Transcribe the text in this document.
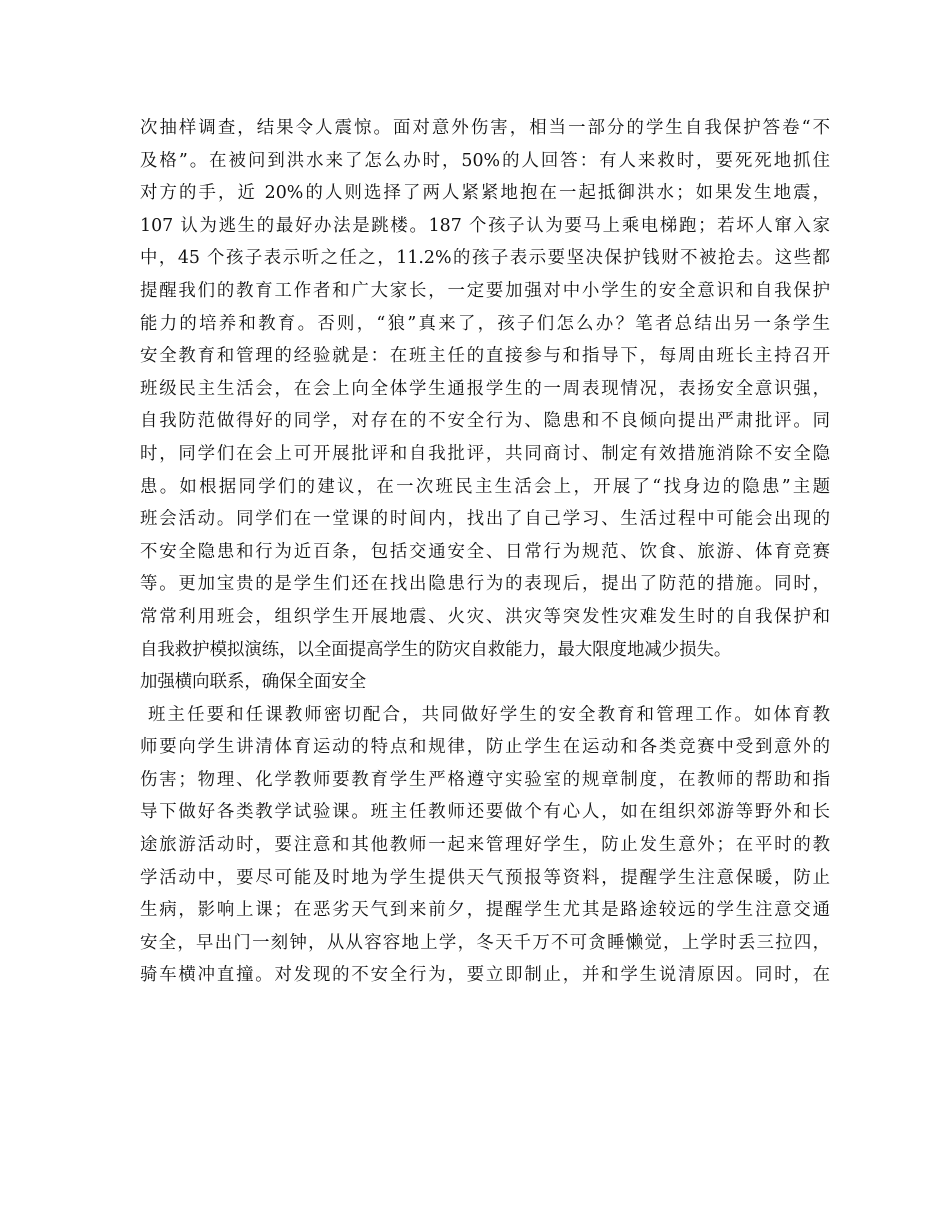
次抽样调查，结果令人震惊。面对意外伤害，相当一部分的学生自我保护答卷“不
及格”。在被问到洪水来了怎么办时，50%的人回答：有人来救时，要死死地抓住
对方的手，近 20%的人则选择了两人紧紧地抱在一起抵御洪水；如果发生地震，
107 认为逃生的最好办法是跳楼。187 个孩子认为要马上乘电梯跑；若坏人窜入家
中，45 个孩子表示听之任之，11.2%的孩子表示要坚决保护钱财不被抢去。这些都
提醒我们的教育工作者和广大家长，一定要加强对中小学生的安全意识和自我保护
能力的培养和教育。否则，“狼”真来了，孩子们怎么办？笔者总结出另一条学生
安全教育和管理的经验就是：在班主任的直接参与和指导下，每周由班长主持召开
班级民主生活会，在会上向全体学生通报学生的一周表现情况，表扬安全意识强，
自我防范做得好的同学，对存在的不安全行为、隐患和不良倾向提出严肃批评。同
时，同学们在会上可开展批评和自我批评，共同商讨、制定有效措施消除不安全隐
患。如根据同学们的建议，在一次班民主生活会上，开展了“找身边的隐患”主题
班会活动。同学们在一堂课的时间内，找出了自己学习、生活过程中可能会出现的
不安全隐患和行为近百条，包括交通安全、日常行为规范、饮食、旅游、体育竞赛
等。更加宝贵的是学生们还在找出隐患行为的表现后，提出了防范的措施。同时，
常常利用班会，组织学生开展地震、火灾、洪灾等突发性灾难发生时的自我保护和
自我救护模拟演练，以全面提高学生的防灾自救能力，最大限度地减少损失。
加强横向联系，确保全面安全
班主任要和任课教师密切配合，共同做好学生的安全教育和管理工作。如体育教
师要向学生讲清体育运动的特点和规律，防止学生在运动和各类竞赛中受到意外的
伤害；物理、化学教师要教育学生严格遵守实验室的规章制度，在教师的帮助和指
导下做好各类教学试验课。班主任教师还要做个有心人，如在组织郊游等野外和长
途旅游活动时，要注意和其他教师一起来管理好学生，防止发生意外；在平时的教
学活动中，要尽可能及时地为学生提供天气预报等资料，提醒学生注意保暖，防止
生病，影响上课；在恶劣天气到来前夕，提醒学生尤其是路途较远的学生注意交通
安全，早出门一刻钟，从从容容地上学，冬天千万不可贪睡懒觉，上学时丢三拉四，
骑车横冲直撞。对发现的不安全行为，要立即制止，并和学生说清原因。同时，在
